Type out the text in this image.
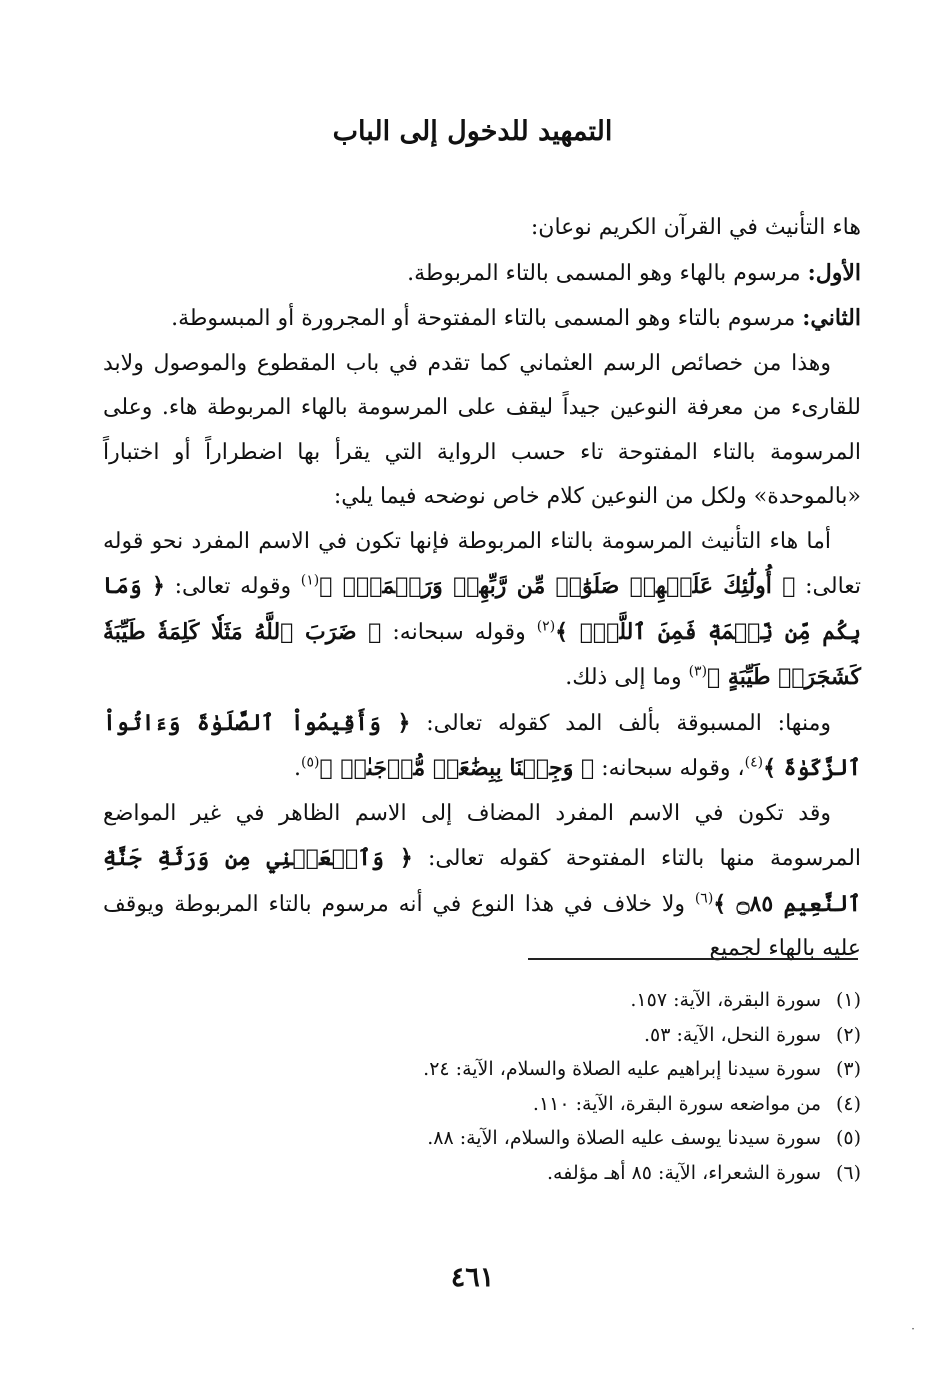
التمهيد للدخول إلى الباب

هاء التأنيث في القرآن الكريم نوعان:

الأول: مرسوم بالهاء وهو المسمى بالتاء المربوطة.

الثاني: مرسوم بالتاء وهو المسمى بالتاء المفتوحة أو المجرورة أو المبسوطة.

وهذا من خصائص الرسم العثماني كما تقدم في باب المقطوع والموصول ولابد للقارىء من معرفة النوعين جيداً ليقف على المرسومة بالهاء المربوطة هاء. وعلى المرسومة بالتاء المفتوحة تاء حسب الرواية التي يقرأ بها اضطراراً أو اختباراً «بالموحدة» ولكل من النوعين كلام خاص نوضحه فيما يلي:

أما هاء التأنيث المرسومة بالتاء المربوطة فإنها تكون في الاسم المفرد نحو قوله تعالى: ﴿ أُولَٰٓئِكَ عَلَيۡهِمۡ صَلَوَٰتٞ مِّن رَّبِّهِمۡ وَرَحۡمَةٞۖ ﴾$^{(١)}$ وقوله تعالى: ﴿ وَمَا بِكُم مِّن نِّعۡمَةٖ فَمِنَ ٱللَّهِۖ ﴾$^{(٢)}$ وقوله سبحانه: ﴿ ضَرَبَ ٱللَّهُ مَثَلٗا كَلِمَةٗ طَيِّبَةٗ كَشَجَرَةٖ طَيِّبَةٍ ﴾$^{(٣)}$ وما إلى ذلك.

ومنها: المسبوقة بألف المد كقوله تعالى: ﴿ وَأَقِيمُواْ ٱلصَّلَوٰةَ وَءَاتُواْ ٱلزَّكَوٰةَ ﴾$^{(٤)}$، وقوله سبحانه: ﴿ وَجِئۡنَا بِبِضَٰعَةٖ مُّزۡجَىٰةٖ ﴾$^{(٥)}$.

وقد تكون في الاسم المفرد المضاف إلى الاسم الظاهر في غير المواضع المرسومة منها بالتاء المفتوحة كقوله تعالى: ﴿ وَٱجۡعَلۡنِي مِن وَرَثَةِ جَنَّةِ ٱلنَّعِيمِ ۝٨٥ ﴾$^{(٦)}$ ولا خلاف في هذا النوع في أنه مرسوم بالتاء المربوطة ويوقف عليه بالهاء لجميع

(١)
سورة البقرة، الآية: ١٥٧.
(٢)
سورة النحل، الآية: ٥٣.
(٣)
سورة سيدنا إبراهيم عليه الصلاة والسلام، الآية: ٢٤.
(٤)
من مواضعه سورة البقرة، الآية: ١١٠.
(٥)
سورة سيدنا يوسف عليه الصلاة والسلام، الآية: ٨٨.
(٦)
سورة الشعراء، الآية: ٨٥ أهـ مؤلفه.
٤٦١
·
